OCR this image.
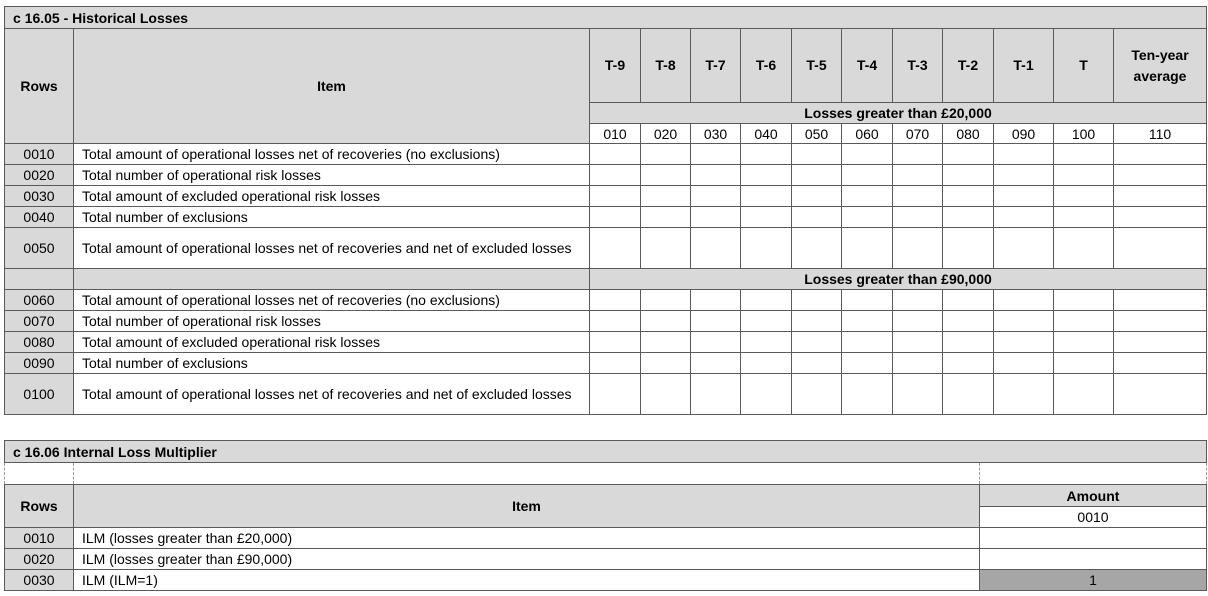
c 16.05 - Historical Losses												
Rows	Item	T-9	T-8	T-7	T-6	T-5	T-4	T-3	T-2	T-1	T	Ten-year average
		Losses greater than £20,000										
		010	020	030	040	050	060	070	080	090	100	110
0010	Total amount of operational losses net of recoveries (no exclusions)											
0020	Total number of operational risk losses											
0030	Total amount of excluded operational risk losses											
0040	Total number of exclusions											
0050	Total amount of operational losses net of recoveries and net of excluded losses											
		Losses greater than £90,000										
0060	Total amount of operational losses net of recoveries (no exclusions)											
0070	Total number of operational risk losses											
0080	Total amount of excluded operational risk losses											
0090	Total number of exclusions											
0100	Total amount of operational losses net of recoveries and net of excluded losses											
c 16.06 Internal Loss Multiplier		

Rows	Item	Amount
		0010
0010	ILM (losses greater than £20,000)	
0020	ILM (losses greater than £90,000)	
0030	ILM (ILM=1)	1
